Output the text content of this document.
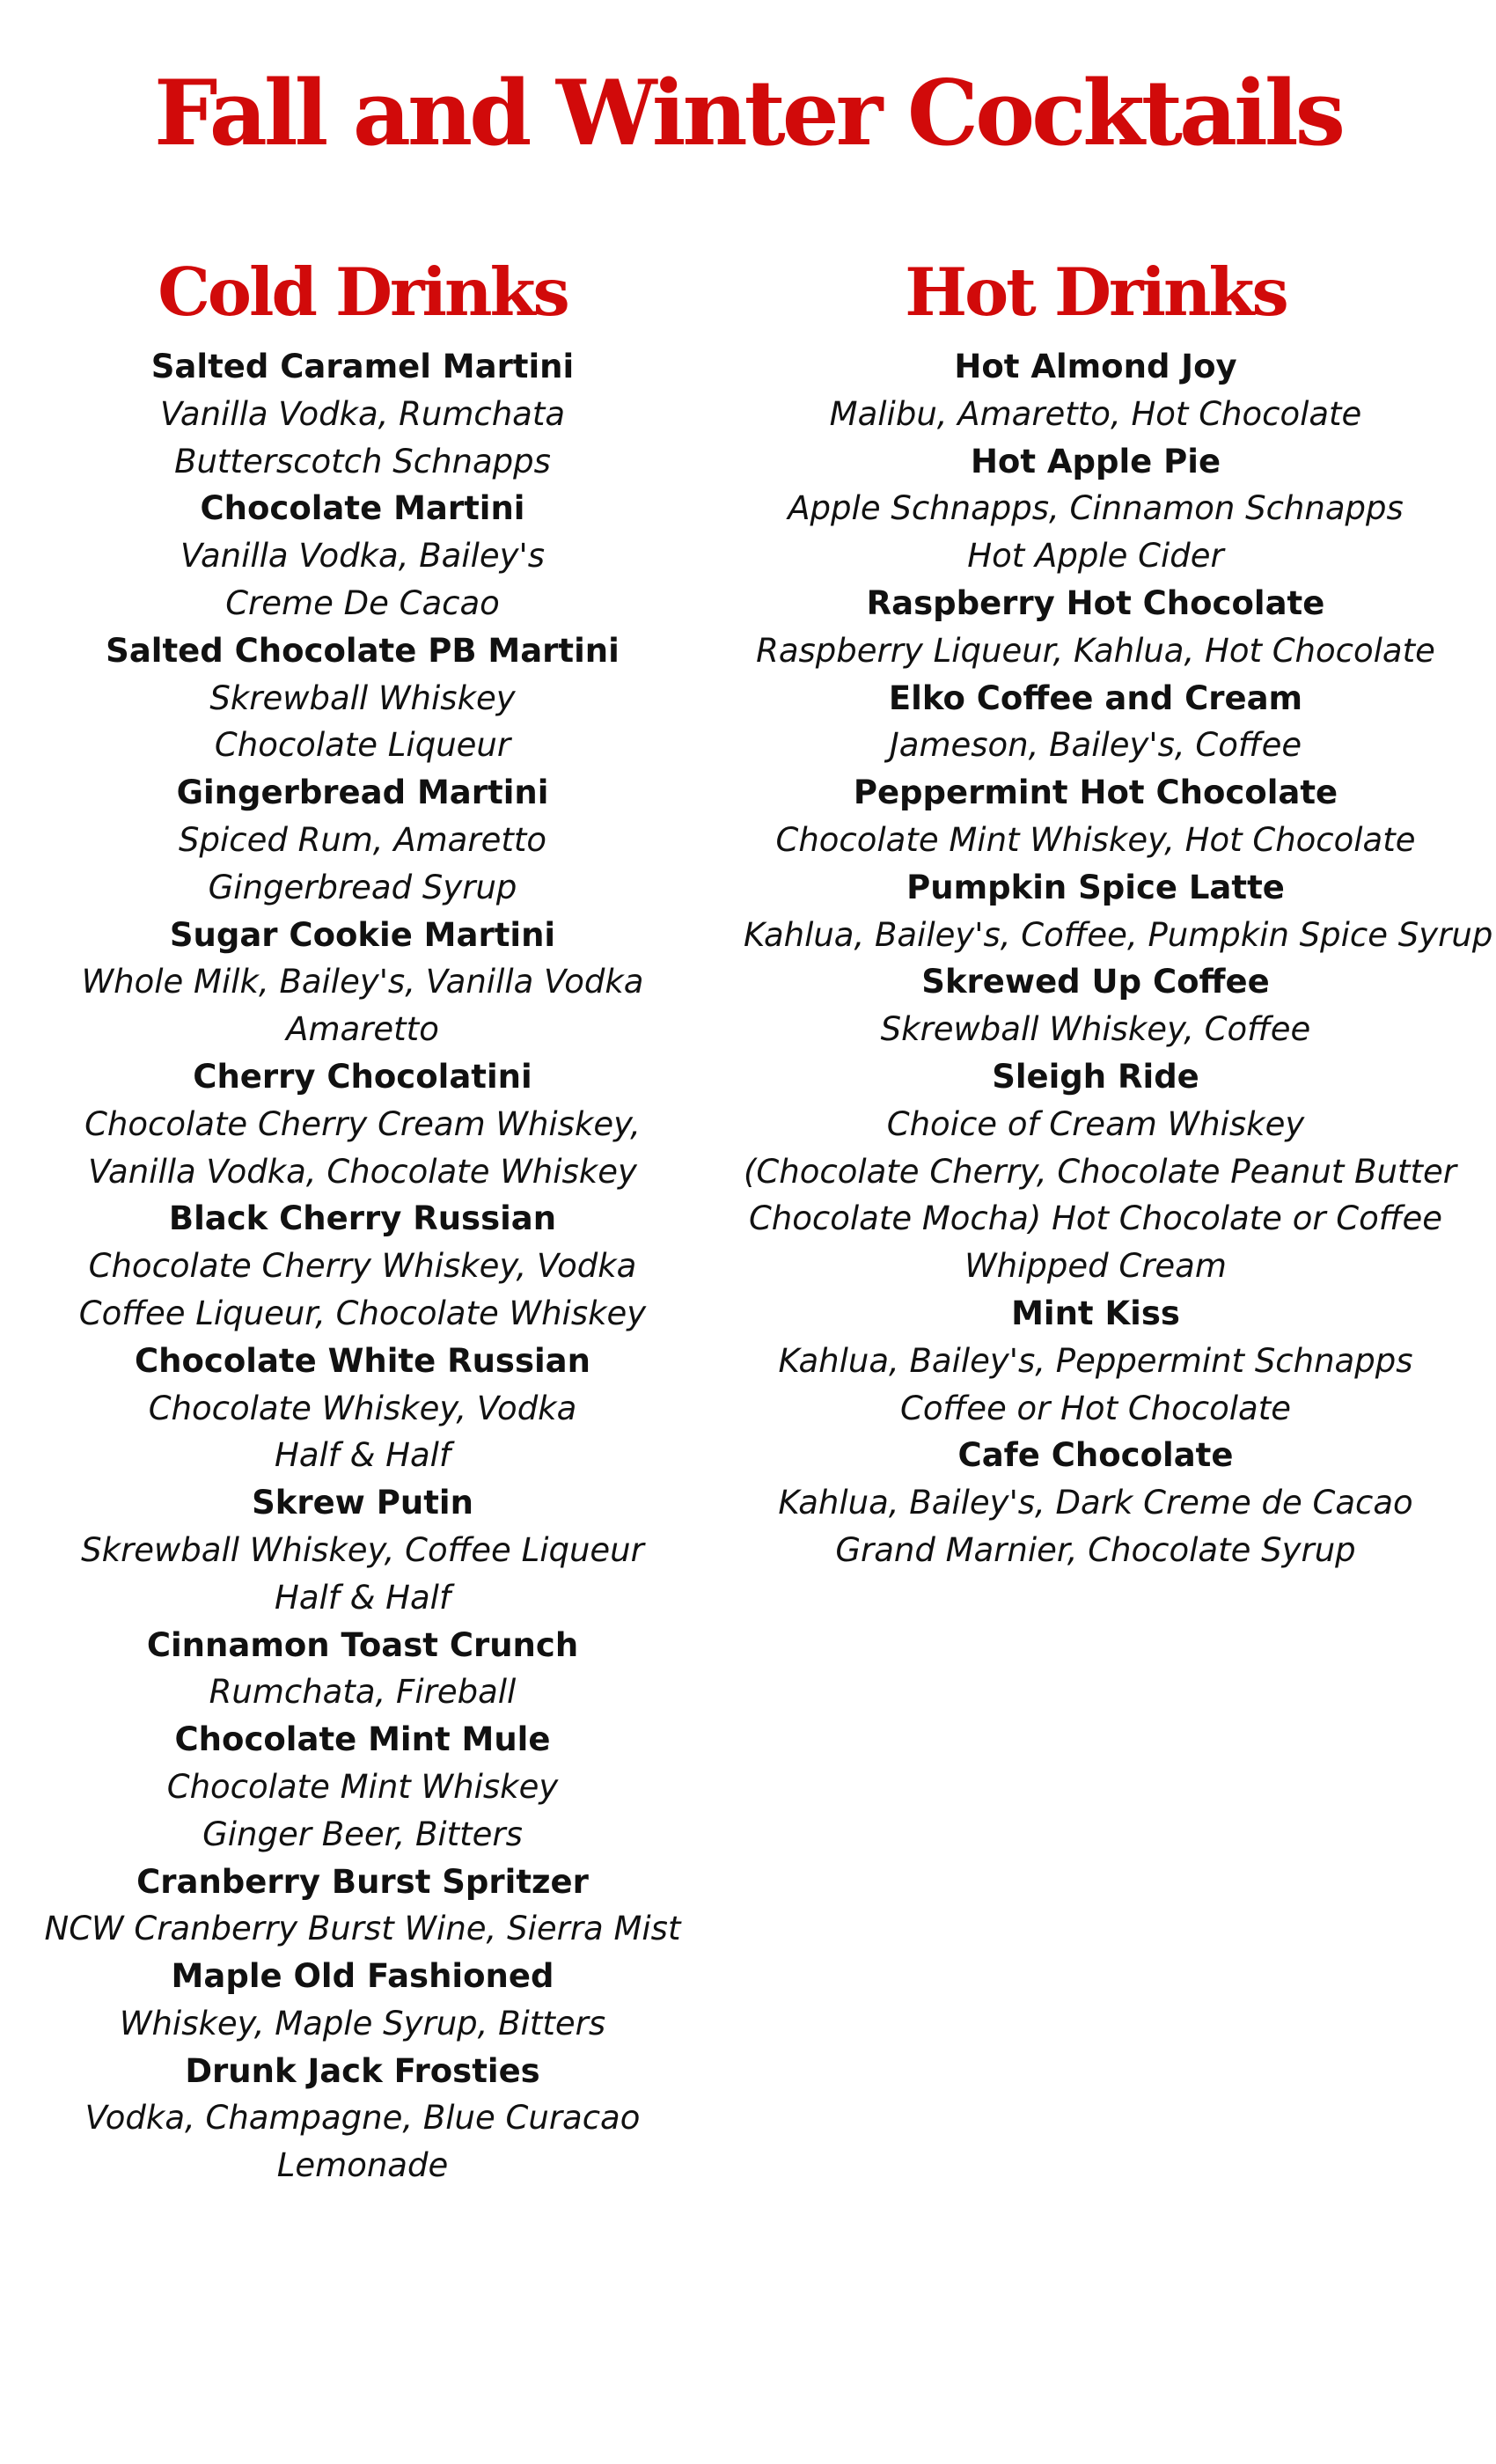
Fall and Winter Cocktails
Cold Drinks
Salted Caramel Martini
Vanilla Vodka, Rumchata
Butterscotch Schnapps
Chocolate Martini
Vanilla Vodka, Bailey's
Creme De Cacao
Salted Chocolate PB Martini
Skrewball Whiskey
Chocolate Liqueur
Gingerbread Martini
Spiced Rum, Amaretto
Gingerbread Syrup
Sugar Cookie Martini
Whole Milk, Bailey's, Vanilla Vodka
Amaretto
Cherry Chocolatini
Chocolate Cherry Cream Whiskey,
Vanilla Vodka, Chocolate Whiskey
Black Cherry Russian
Chocolate Cherry Whiskey, Vodka
Coffee Liqueur, Chocolate Whiskey
Chocolate White Russian
Chocolate Whiskey, Vodka
Half & Half
Skrew Putin
Skrewball Whiskey, Coffee Liqueur
Half & Half
Cinnamon Toast Crunch
Rumchata, Fireball
Chocolate Mint Mule
Chocolate Mint Whiskey
Ginger Beer, Bitters
Cranberry Burst Spritzer
NCW Cranberry Burst Wine, Sierra Mist
Maple Old Fashioned
Whiskey, Maple Syrup, Bitters
Drunk Jack Frosties
Vodka, Champagne, Blue Curacao
Lemonade
Hot Drinks
Hot Almond Joy
Malibu, Amaretto, Hot Chocolate
Hot Apple Pie
Apple Schnapps, Cinnamon Schnapps
Hot Apple Cider
Raspberry Hot Chocolate
Raspberry Liqueur, Kahlua, Hot Chocolate
Elko Coffee and Cream
Jameson, Bailey's, Coffee
Peppermint Hot Chocolate
Chocolate Mint Whiskey, Hot Chocolate
Pumpkin Spice Latte
Kahlua, Bailey's, Coffee, Pumpkin Spice Syrup
Skrewed Up Coffee
Skrewball Whiskey, Coffee
Sleigh Ride
Choice of Cream Whiskey
(Chocolate Cherry, Chocolate Peanut Butter
Chocolate Mocha) Hot Chocolate or Coffee
Whipped Cream
Mint Kiss
Kahlua, Bailey's, Peppermint Schnapps
Coffee or Hot Chocolate
Cafe Chocolate
Kahlua, Bailey's, Dark Creme de Cacao
Grand Marnier, Chocolate Syrup
